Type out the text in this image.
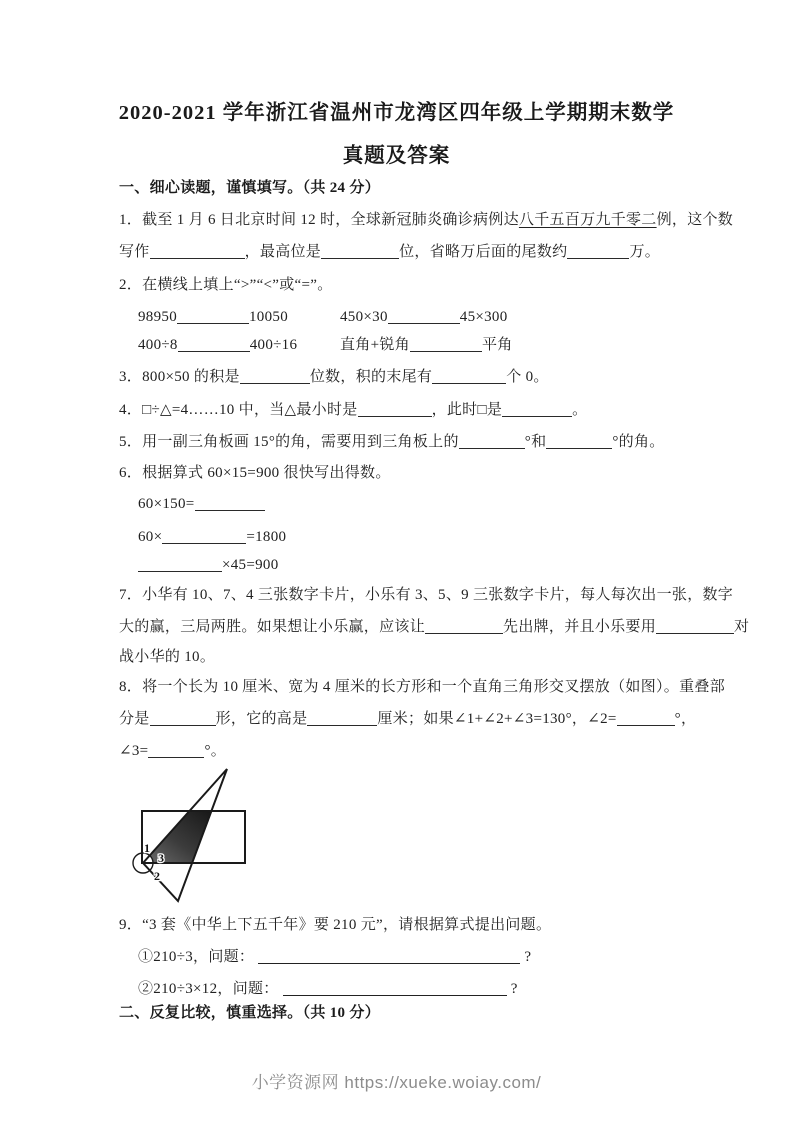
2020-2021 学年浙江省温州市龙湾区四年级上学期期末数学
真题及答案
一、细心读题，谨慎填写。（共 24 分）
1．截至 1 月 6 日北京时间 12 时，全球新冠肺炎确诊病例达八千五百万九千零二例，这个数
写作	，最高位是	位，省略万后面的尾数约	万。
2．在横线上填上“>”“<”或“=”。
98950	10050	450×30	45×300
400÷8	400÷16	直角+锐角	平角
3．800×50 的积是	位数，积的末尾有	个 0。
4．□÷△=4……10 中，当△最小时是	，此时□是	。
5．用一副三角板画 15°的角，需要用到三角板上的	°和	°的角。
6．根据算式 60×15=900 很快写出得数。
60×150=
60×	=1800
×45=900
7．小华有 10、7、4 三张数字卡片，小乐有 3、5、9 三张数字卡片，每人每次出一张，数字
大的赢，三局两胜。如果想让小乐赢，应该让	先出牌，并且小乐要用	对
战小华的 10。
8．将一个长为 10 厘米、宽为 4 厘米的长方形和一个直角三角形交叉摆放（如图）。重叠部
分是	形，它的高是	厘米；如果∠1+∠2+∠3=130°，∠2=	°，
∠3=	°。
1
3
2
9．“3 套《中华上下五千年》要 210 元”，请根据算式提出问题。
①210÷3，问题：	?
②210÷3×12，问题：	?
二、反复比较，慎重选择。（共 10 分）
小学资源网 https://xueke.woiay.com/
